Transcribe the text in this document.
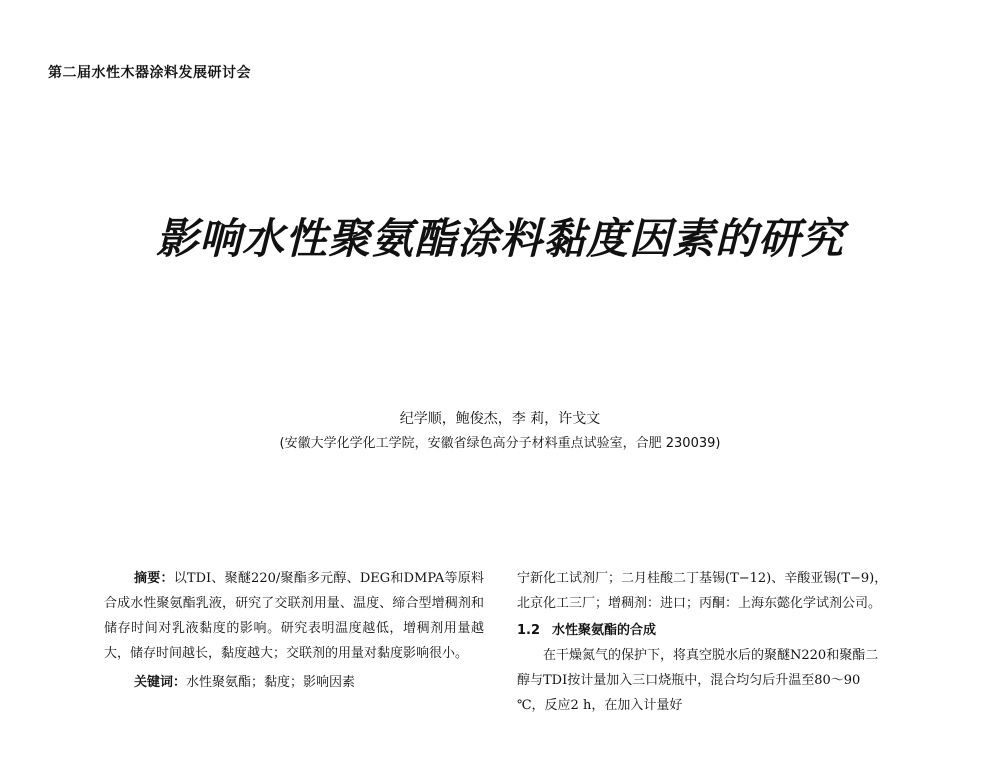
第二届水性木器涂料发展研讨会
影响水性聚氨酯涂料黏度因素的研究
纪学顺，鲍俊杰，李 莉，许戈文
(安徽大学化学化工学院，安徽省绿色高分子材料重点试验室，合肥 230039)

摘要：以TDI、聚醚220/聚酯多元醇、DEG和DMPA等原料合成水性聚氨酯乳液，研究了交联剂用量、温度、缔合型增稠剂和储存时间对乳液黏度的影响。研究表明温度越低，增稠剂用量越大，储存时间越长，黏度越大；交联剂的用量对黏度影响很小。

关键词：水性聚氨酯；黏度；影响因素

宁新化工试剂厂；二月桂酸二丁基锡(T−12)、辛酸亚锡(T−9)，北京化工三厂；增稠剂：进口；丙酮：上海东懿化学试剂公司。

1.2 水性聚氨酯的合成

在干燥氮气的保护下，将真空脱水后的聚醚N220和聚酯二醇与TDI按计量加入三口烧瓶中，混合均匀后升温至80～90 ℃，反应2 h，在加入计量好
